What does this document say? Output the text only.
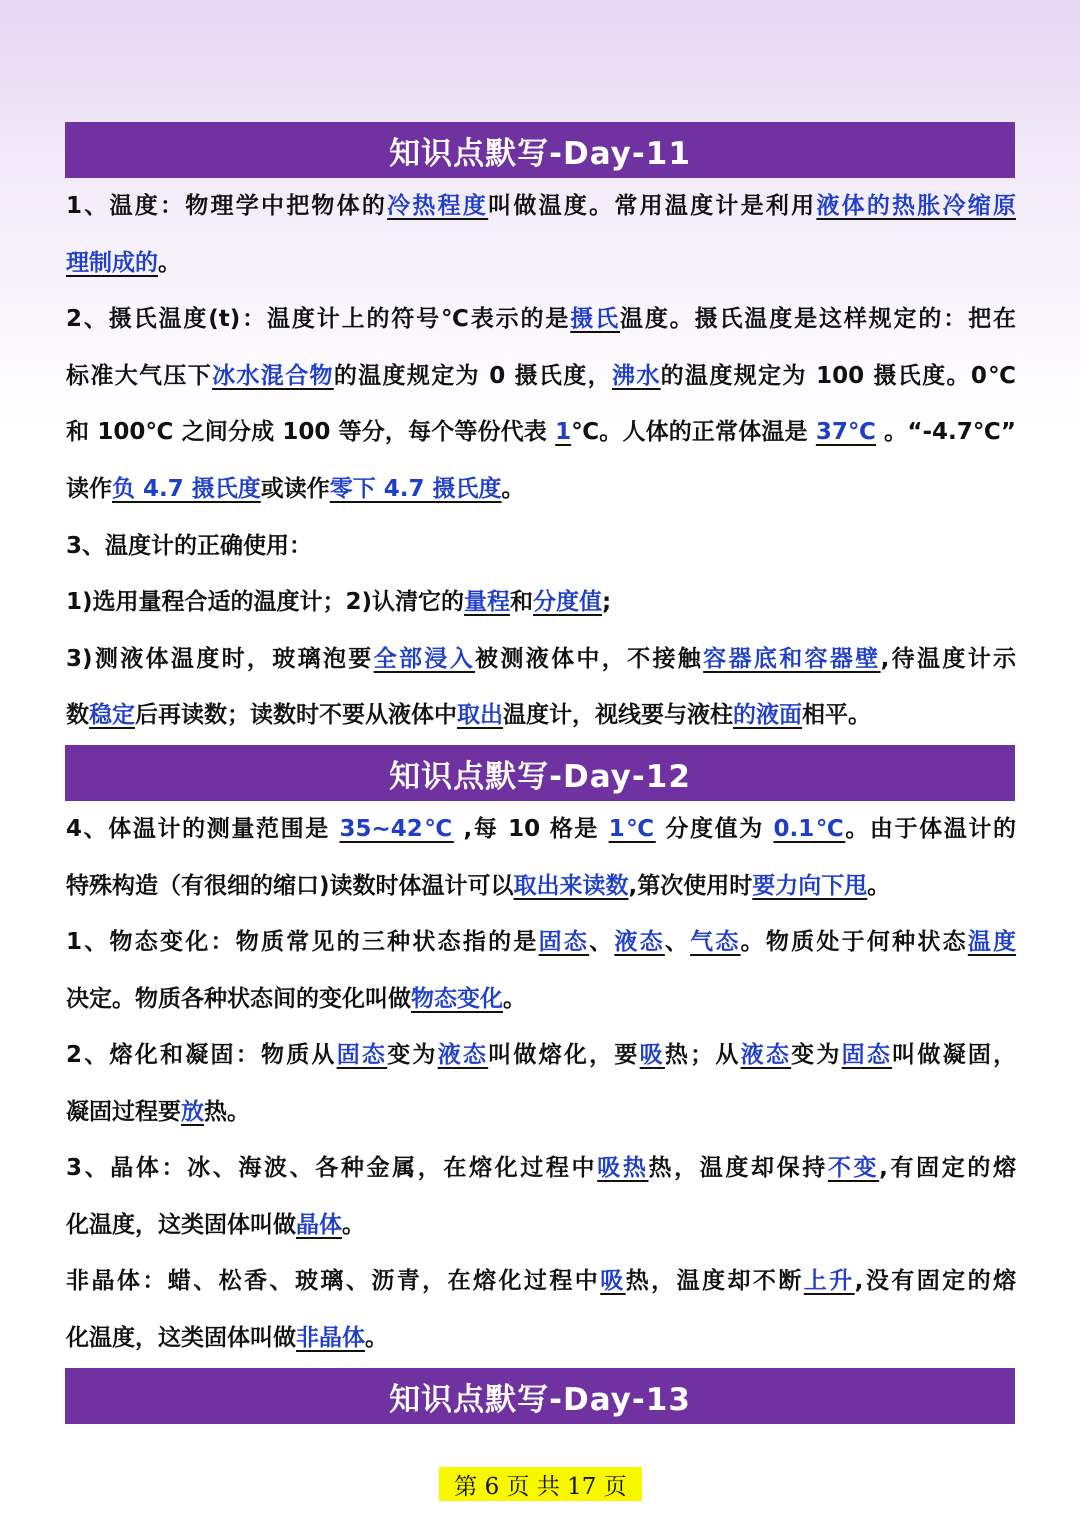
知识点默写-Day-11
1、温度：物理学中把物体的冷热程度叫做温度。常用温度计是利用液体的热胀冷缩原
理制成的。
2、摄氏温度(t)：温度计上的符号℃表示的是摄氏温度。摄氏温度是这样规定的：把在
标准大气压下冰水混合物的温度规定为 0 摄氏度，沸水的温度规定为 100 摄氏度。0℃
和 100℃ 之间分成 100 等分，每个等份代表 1℃。人体的正常体温是 37℃ 。“-4.7℃”
读作负 4.7 摄氏度或读作零下 4.7 摄氏度。
3、温度计的正确使用：
1)选用量程合适的温度计；2)认清它的量程和分度值;
3)测液体温度时，玻璃泡要全部浸入被测液体中，不接触容器底和容器壁,待温度计示
数稳定后再读数；读数时不要从液体中取出温度计，视线要与液柱的液面相平。
知识点默写-Day-12
4、体温计的测量范围是 35~42℃ ,每 10 格是 1℃ 分度值为 0.1℃。由于体温计的
特殊构造（有很细的缩口)读数时体温计可以取出来读数,第次使用时要力向下甩。
1、物态变化：物质常见的三种状态指的是固态、液态、气态。物质处于何种状态温度
决定。物质各种状态间的变化叫做物态变化。
2、熔化和凝固：物质从固态变为液态叫做熔化，要吸热；从液态变为固态叫做凝固，
凝固过程要放热。
3、晶体：冰、海波、各种金属，在熔化过程中吸热热，温度却保持不变,有固定的熔
化温度，这类固体叫做晶体。
非晶体：蜡、松香、玻璃、沥青，在熔化过程中吸热，温度却不断上升,没有固定的熔
化温度，这类固体叫做非晶体。
知识点默写-Day-13
第 6 页 共 17 页
